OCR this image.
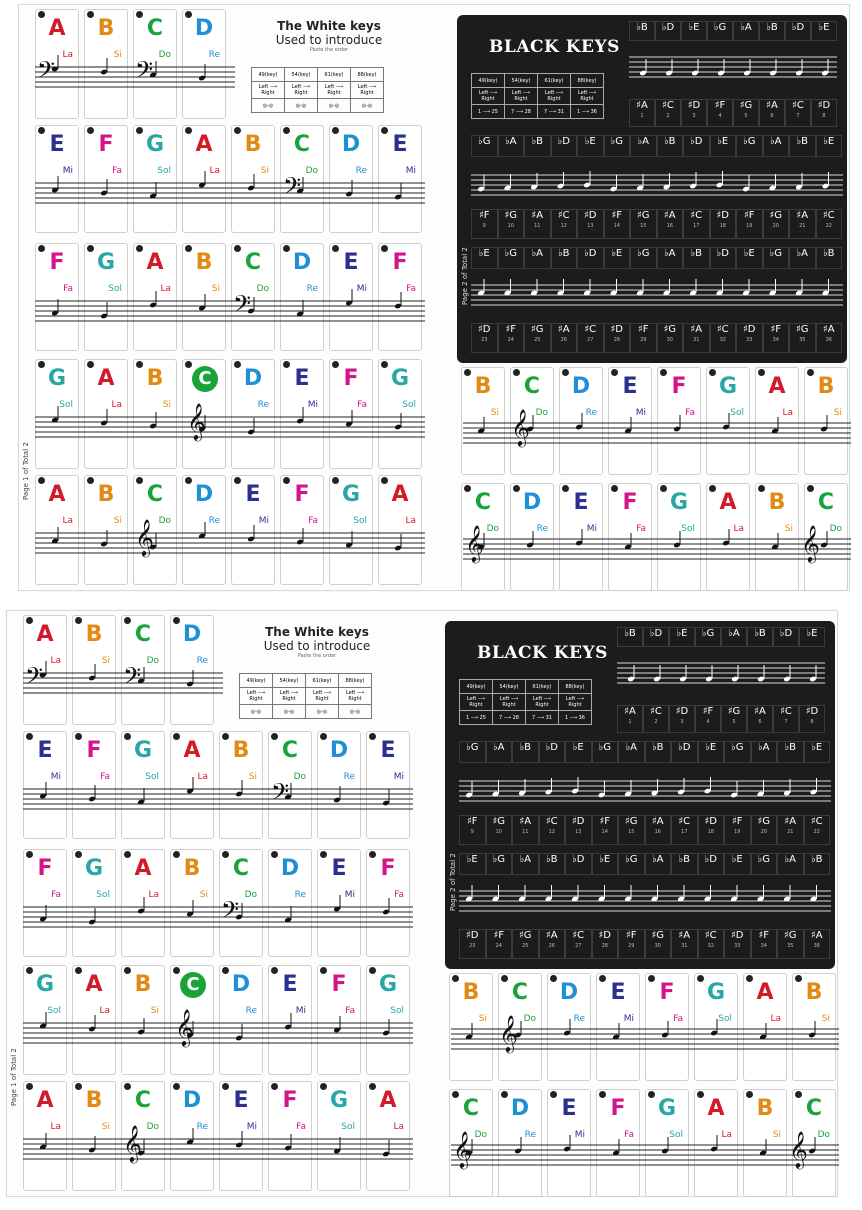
A
La
B
Si
C
Do
D
Re
𝄢	𝄢
E
Mi
F
Fa
G
Sol
A
La
B
Si
C
Do
D
Re
E
Mi
𝄢
F
Fa
G
Sol
A
La
B
Si
C
Do
D
Re
E
Mi
F
Fa
𝄢
G
Sol
A
La
B
Si
C	D
Re
E
Mi
F
Fa
G
Sol
𝄞
A
La
B
Si
C
Do
D
Re
E
Mi
F
Fa
G
Sol
A
La
𝄞
The White keys
Used to introduce
Paste the order
49(key)	54(key)	61(key)	88(key)
Left ⟶ Right	Left ⟶ Right	Left ⟶ Right	Left ⟶ Right
◎-◎	◎-◎	◎-◎	◎-◎
Page 1 of Total 2
BLACK KEYS
Page 2 of Total 2
49(key)	54(key)	61(key)	88(key)
Left ⟶ Right	Left ⟶ Right	Left ⟶ Right	Left ⟶ Right
1 ⟶ 25	7 ⟶ 28	7 ⟶ 31	1 ⟶ 36
♭B	♭D	♭E	♭G	♭A	♭B	♭D	♭E
♯A
1
♯C
2
♯D
3
♯F
4
♯G
5
♯A
6
♯C
7
♯D
8
♭G	♭A	♭B	♭D	♭E	♭G	♭A	♭B	♭D	♭E	♭G	♭A	♭B	♭E
♯F
9
♯G
10
♯A
11
♯C
12
♯D
13
♯F
14
♯G
15
♯A
16
♯C
17
♯D
18
♯F
19
♯G
20
♯A
21
♯C
22
♭E	♭G	♭A	♭B	♭D	♭E	♭G	♭A	♭B	♭D	♭E	♭G	♭A	♭B
♯D
23
♯F
24
♯G
25
♯A
26
♯C
27
♯D
28
♯F
29
♯G
30
♯A
31
♯C
32
♯D
33
♯F
34
♯G
35
♯A
36
B
Si
C
Do
D
Re
E
Mi
F
Fa
G
Sol
A
La
B
Si
𝄞
C
Do
D
Re
E
Mi
F
Fa
G
Sol
A
La
B
Si
C
Do
𝄞	𝄞
A
La
B
Si
C
Do
D
Re
𝄢	𝄢
E
Mi
F
Fa
G
Sol
A
La
B
Si
C
Do
D
Re
E
Mi
𝄢
F
Fa
G
Sol
A
La
B
Si
C
Do
D
Re
E
Mi
F
Fa
𝄢
G
Sol
A
La
B
Si
C	D
Re
E
Mi
F
Fa
G
Sol
𝄞
A
La
B
Si
C
Do
D
Re
E
Mi
F
Fa
G
Sol
A
La
𝄞
The White keys
Used to introduce
Paste the order
49(key)	54(key)	61(key)	88(key)
Left ⟶ Right	Left ⟶ Right	Left ⟶ Right	Left ⟶ Right
◎-◎	◎-◎	◎-◎	◎-◎
Page 1 of Total 2
BLACK KEYS
Page 2 of Total 2
49(key)	54(key)	61(key)	88(key)
Left ⟶ Right	Left ⟶ Right	Left ⟶ Right	Left ⟶ Right
1 ⟶ 25	7 ⟶ 28	7 ⟶ 31	1 ⟶ 36
♭B	♭D	♭E	♭G	♭A	♭B	♭D	♭E
♯A
1
♯C
2
♯D
3
♯F
4
♯G
5
♯A
6
♯C
7
♯D
8
♭G	♭A	♭B	♭D	♭E	♭G	♭A	♭B	♭D	♭E	♭G	♭A	♭B	♭E
♯F
9
♯G
10
♯A
11
♯C
12
♯D
13
♯F
14
♯G
15
♯A
16
♯C
17
♯D
18
♯F
19
♯G
20
♯A
21
♯C
22
♭E	♭G	♭A	♭B	♭D	♭E	♭G	♭A	♭B	♭D	♭E	♭G	♭A	♭B
♯D
23
♯F
24
♯G
25
♯A
26
♯C
27
♯D
28
♯F
29
♯G
30
♯A
31
♯C
32
♯D
33
♯F
34
♯G
35
♯A
36
B
Si
C
Do
D
Re
E
Mi
F
Fa
G
Sol
A
La
B
Si
𝄞
C
Do
D
Re
E
Mi
F
Fa
G
Sol
A
La
B
Si
C
Do
𝄞	𝄞
